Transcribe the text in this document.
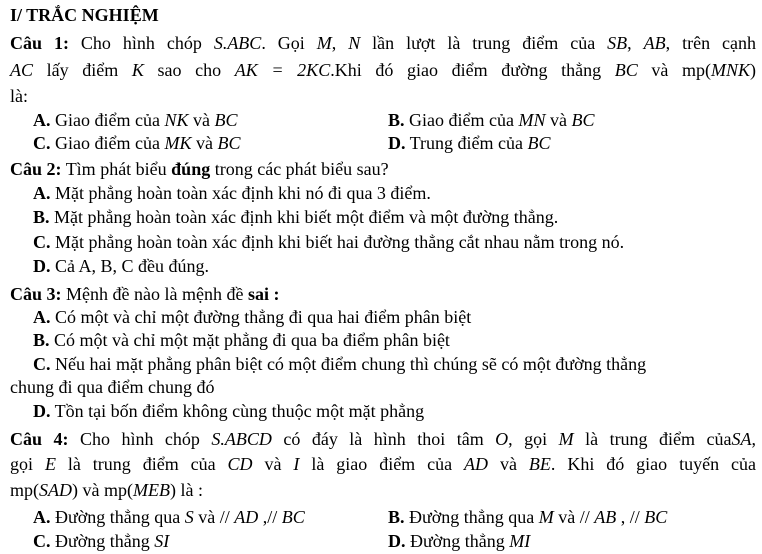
I/ TRẮC NGHIỆM
Câu 1: Cho hình chóp S.ABC. Gọi M, N lần lượt là trung điểm của SB, AB, trên cạnh
AC lấy điểm K sao cho AK = 2KC.Khi đó giao điểm đường thẳng BC và mp(MNK)
là:
A. Giao điểm của NK và BC	B. Giao điểm của MN và BC
C. Giao điểm của MK và BC	D. Trung điểm của BC
Câu 2: Tìm phát biểu đúng trong các phát biểu sau?
A. Mặt phẳng hoàn toàn xác định khi nó đi qua 3 điểm.
B. Mặt phẳng hoàn toàn xác định khi biết một điểm và một đường thẳng.
C. Mặt phẳng hoàn toàn xác định khi biết hai đường thẳng cắt nhau nằm trong nó.
D. Cả A, B, C đều đúng.
Câu 3: Mệnh đề nào là mệnh đề sai :
A. Có một và chỉ một đường thẳng đi qua hai điểm phân biệt
B. Có một và chỉ một mặt phẳng đi qua ba điểm phân biệt
C. Nếu hai mặt phẳng phân biệt có một điểm chung thì chúng sẽ có một đường thẳng
chung đi qua điểm chung đó
D. Tồn tại bốn điểm không cùng thuộc một mặt phẳng
Câu 4: Cho hình chóp S.ABCD có đáy là hình thoi tâm O, gọi M là trung điểm củaSA,
gọi E là trung điểm của CD và I là giao điểm của AD và BE. Khi đó giao tuyến của
mp(SAD) và mp(MEB) là :
A. Đường thẳng qua S và // AD ,// BC	B. Đường thẳng qua M và // AB , // BC
C. Đường thẳng SI	D. Đường thẳng MI
